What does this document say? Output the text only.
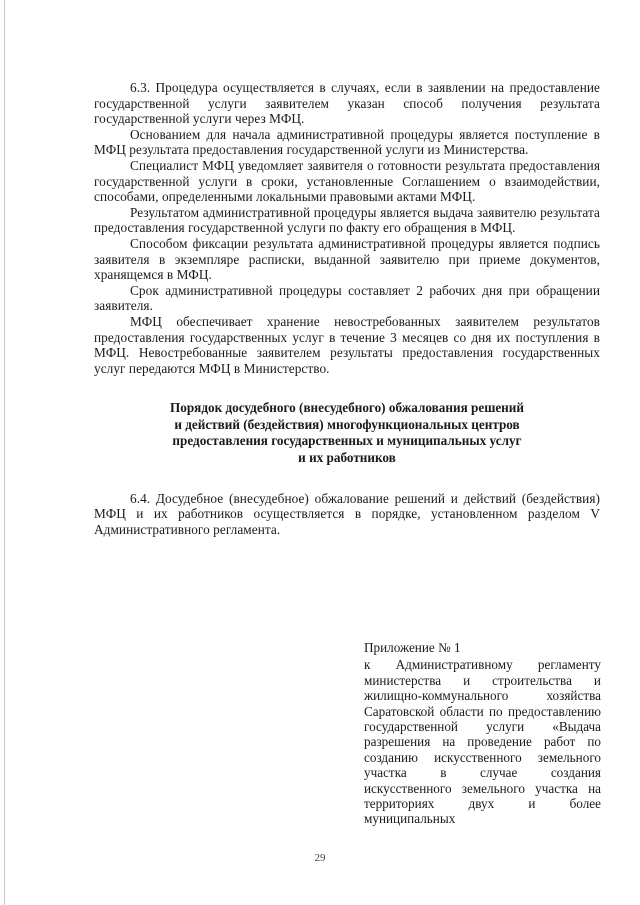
6.3. Процедура осуществляется в случаях, если в заявлении на предоставление государственной услуги заявителем указан способ получения результата государственной услуги через МФЦ.

Основанием для начала административной процедуры является поступление в МФЦ результата предоставления государственной услуги из Министерства.

Специалист МФЦ уведомляет заявителя о готовности результата предоставления государственной услуги в сроки, установленные Соглашением о взаимодействии, способами, определенными локальными правовыми актами МФЦ.

Результатом административной процедуры является выдача заявителю результата предоставления государственной услуги по факту его обращения в МФЦ.

Способом фиксации результата административной процедуры является подпись заявителя в экземпляре расписки, выданной заявителю при приеме документов, хранящемся в МФЦ.

Срок административной процедуры составляет 2 рабочих дня при обращении заявителя.

МФЦ обеспечивает хранение невостребованных заявителем результатов предоставления государственных услуг в течение 3 месяцев со дня их поступления в МФЦ. Невостребованные заявителем результаты предоставления государственных услуг передаются МФЦ в Министерство.

Порядок досудебного (внесудебного) обжалования решений
и действий (бездействия) многофункциональных центров
предоставления государственных и муниципальных услуг
и их работников

6.4. Досудебное (внесудебное) обжалование решений и действий (бездействия) МФЦ и их работников осуществляется в порядке, установленном разделом V Административного регламента.

Приложение № 1
к Административному регламенту министерства и строительства и жилищно-коммунального хозяйства Саратовской области по предоставлению государственной услуги «Выдача разрешения на проведение работ по созданию искусственного земельного участка в случае создания искусственного земельного участка на территориях двух и более муниципальных
29
